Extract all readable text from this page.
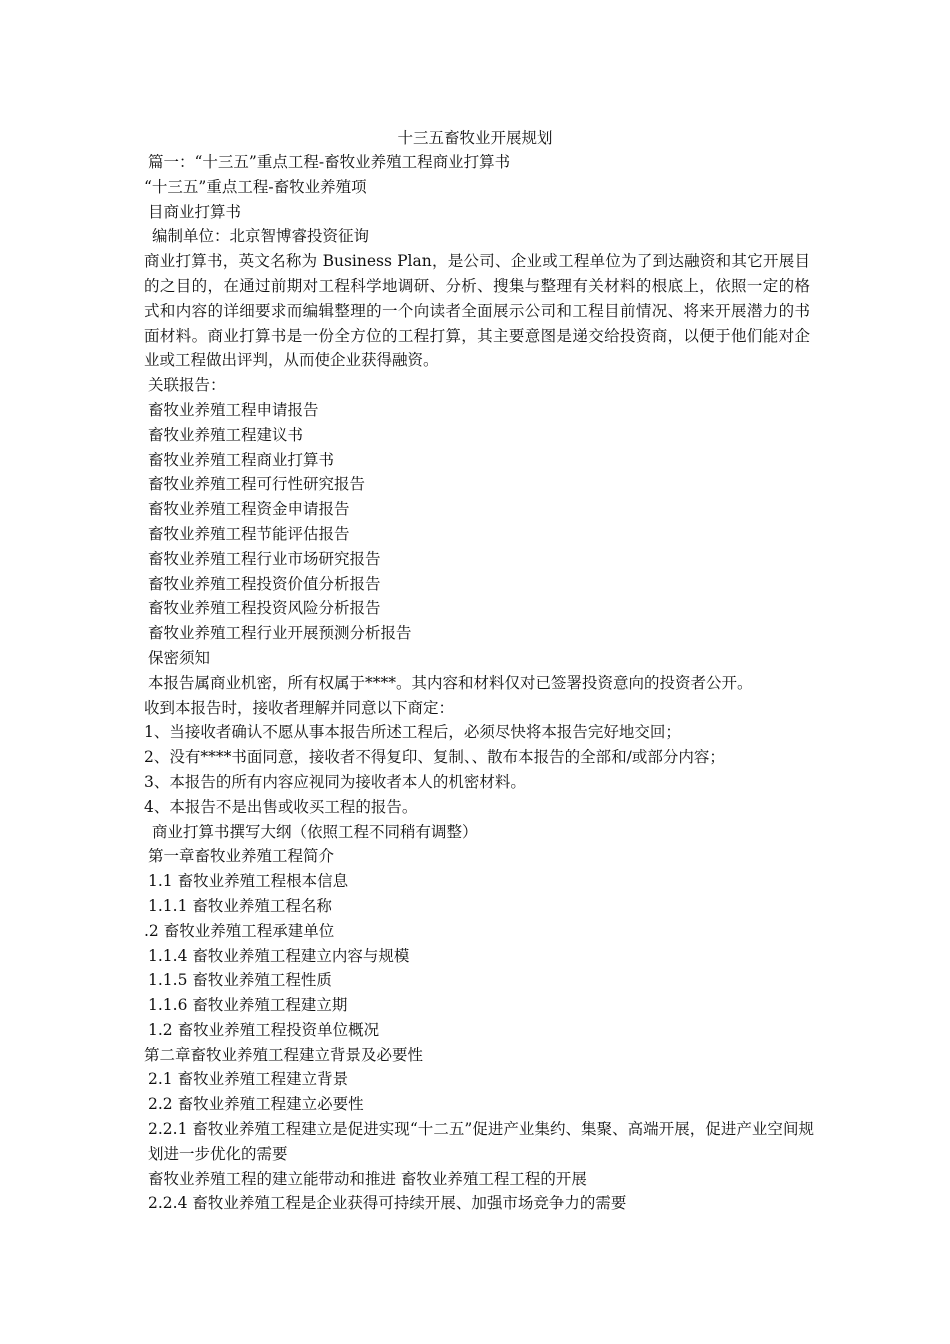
十三五畜牧业开展规划

篇一：“十三五”重点工程-畜牧业养殖工程商业打算书

“十三五”重点工程-畜牧业养殖项

目商业打算书

编制单位：北京智博睿投资征询

商业打算书，英文名称为 Business Plan，是公司、企业或工程单位为了到达融资和其它开展目的之目的，在通过前期对工程科学地调研、分析、搜集与整理有关材料的根底上，依照一定的格式和内容的详细要求而编辑整理的一个向读者全面展示公司和工程目前情况、将来开展潜力的书面材料。商业打算书是一份全方位的工程打算，其主要意图是递交给投资商，以便于他们能对企业或工程做出评判，从而使企业获得融资。

关联报告：

畜牧业养殖工程申请报告

畜牧业养殖工程建议书

畜牧业养殖工程商业打算书

畜牧业养殖工程可行性研究报告

畜牧业养殖工程资金申请报告

畜牧业养殖工程节能评估报告

畜牧业养殖工程行业市场研究报告

畜牧业养殖工程投资价值分析报告

畜牧业养殖工程投资风险分析报告

畜牧业养殖工程行业开展预测分析报告

保密须知

本报告属商业机密，所有权属于****。其内容和材料仅对已签署投资意向的投资者公开。

收到本报告时，接收者理解并同意以下商定：

1、当接收者确认不愿从事本报告所述工程后，必须尽快将本报告完好地交回；

2、没有****书面同意，接收者不得复印、复制、、散布本报告的全部和/或部分内容；

3、本报告的所有内容应视同为接收者本人的机密材料。

4、本报告不是出售或收买工程的报告。

商业打算书撰写大纲（依照工程不同稍有调整）

第一章畜牧业养殖工程简介

1.1 畜牧业养殖工程根本信息

1.1.1 畜牧业养殖工程名称

.2 畜牧业养殖工程承建单位

1.1.4 畜牧业养殖工程建立内容与规模

1.1.5 畜牧业养殖工程性质

1.1.6 畜牧业养殖工程建立期

1.2 畜牧业养殖工程投资单位概况

第二章畜牧业养殖工程建立背景及必要性

2.1 畜牧业养殖工程建立背景

2.2 畜牧业养殖工程建立必要性

2.2.1 畜牧业养殖工程建立是促进实现“十二五”促进产业集约、集聚、高端开展，促进产业空间规划进一步优化的需要

畜牧业养殖工程的建立能带动和推进 畜牧业养殖工程工程的开展

2.2.4 畜牧业养殖工程是企业获得可持续开展、加强市场竞争力的需要
